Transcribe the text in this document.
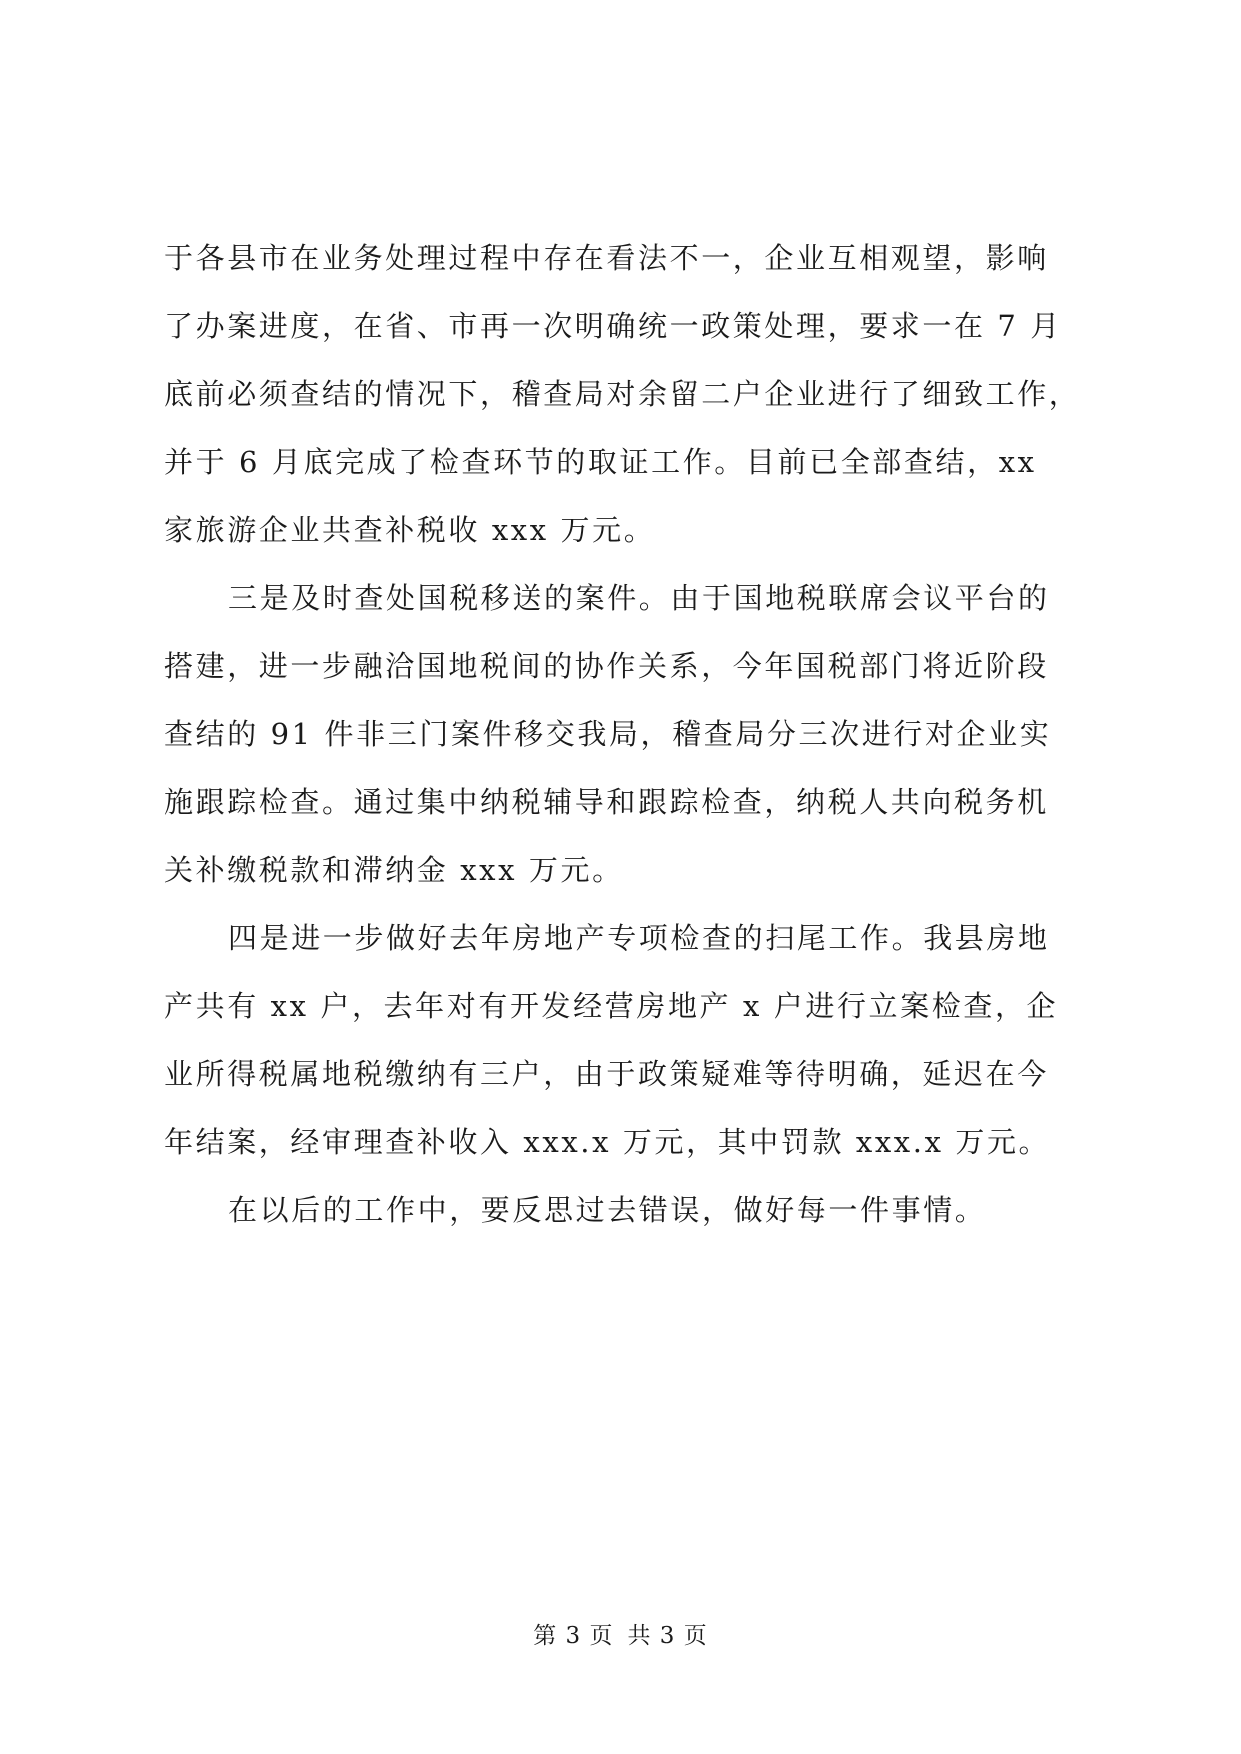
于各县市在业务处理过程中存在看法不一，企业互相观望，影响
了办案进度，在省、市再一次明确统一政策处理，要求一在 7 月
底前必须查结的情况下，稽查局对余留二户企业进行了细致工作，
并于 6 月底完成了检查环节的取证工作。目前已全部查结，xx
家旅游企业共查补税收 xxx 万元。
三是及时查处国税移送的案件。由于国地税联席会议平台的
搭建，进一步融洽国地税间的协作关系，今年国税部门将近阶段
查结的 91 件非三门案件移交我局，稽查局分三次进行对企业实
施跟踪检查。通过集中纳税辅导和跟踪检查，纳税人共向税务机
关补缴税款和滞纳金 xxx 万元。
四是进一步做好去年房地产专项检查的扫尾工作。我县房地
产共有 xx 户，去年对有开发经营房地产 x 户进行立案检查，企
业所得税属地税缴纳有三户，由于政策疑难等待明确，延迟在今
年结案，经审理查补收入 xxx.x 万元，其中罚款 xxx.x 万元。
在以后的工作中，要反思过去错误，做好每一件事情。
第 3 页 共 3 页
